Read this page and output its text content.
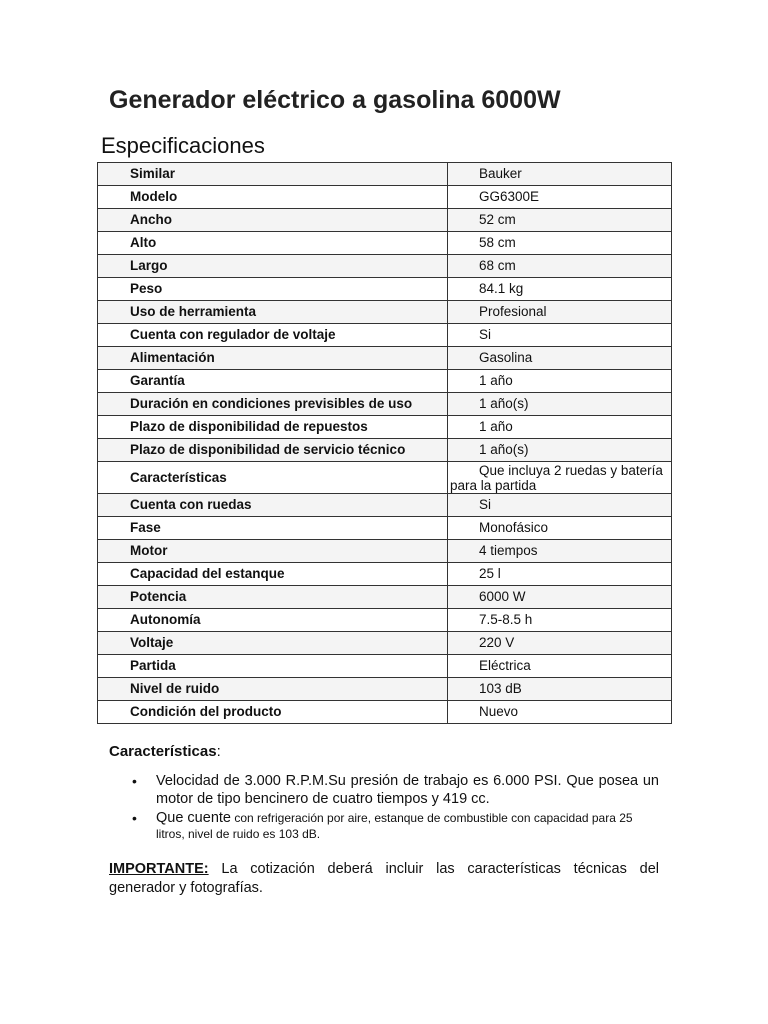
Generador eléctrico a gasolina 6000W
Especificaciones
Similar	Bauker
Modelo	GG6300E
Ancho	52 cm
Alto	58 cm
Largo	68 cm
Peso	84.1 kg
Uso de herramienta	Profesional
Cuenta con regulador de voltaje	Si
Alimentación	Gasolina
Garantía	1 año
Duración en condiciones previsibles de uso	1 año(s)
Plazo de disponibilidad de repuestos	1 año
Plazo de disponibilidad de servicio técnico	1 año(s)
Características	Que incluya 2 ruedas y batería para la partida
Cuenta con ruedas	Si
Fase	Monofásico
Motor	4 tiempos
Capacidad del estanque	25 l
Potencia	6000 W
Autonomía	7.5-8.5 h
Voltaje	220 V
Partida	Eléctrica
Nivel de ruido	103 dB
Condición del producto	Nuevo

Características:

• Velocidad de 3.000 R.P.M.Su presión de trabajo es 6.000 PSI. Que posea un motor de tipo bencinero de cuatro tiempos y 419 cc.
• Que cuente con refrigeración por aire, estanque de combustible con capacidad para 25 litros, nivel de ruido es 103 dB.

IMPORTANTE: La cotización deberá incluir las características técnicas del generador y fotografías.
